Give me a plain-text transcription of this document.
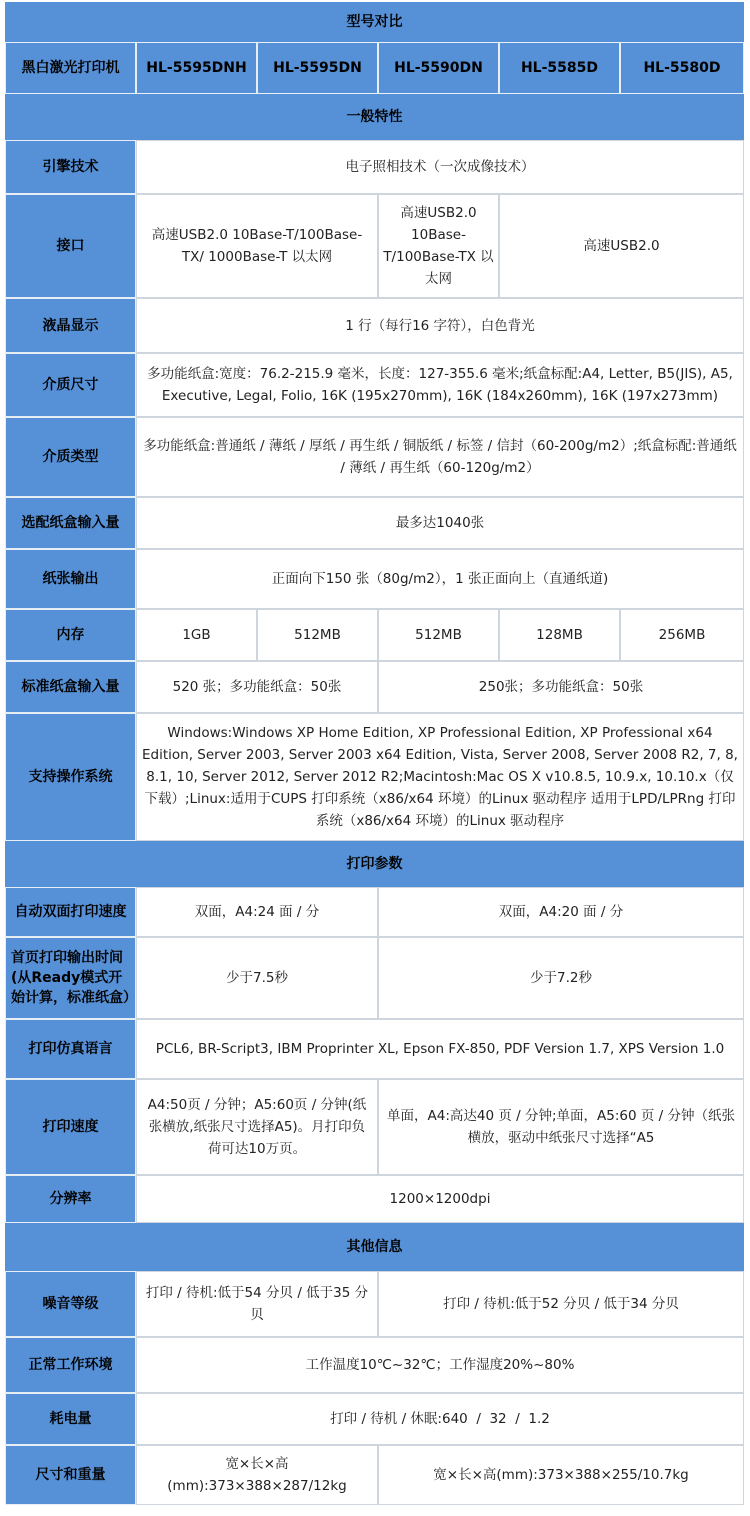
型号对比					
黑白激光打印机	HL-5595DNH	HL-5595DN	HL-5590DN	HL-5585D	HL-5580D
一般特性					
引擎技术	电子照相技术（一次成像技术）				
接口	高速USB2.0 10Base-T/100Base-TX/ 1000Base-T 以太网		高速USB2.0 10Base-T/100Base-TX 以太网	高速USB2.0	
液晶显示	1 行（每行16 字符），白色背光				
介质尺寸	多功能纸盒:宽度：76.2-215.9 毫米，长度：127-355.6 毫米;纸盒标配:A4, Letter, B5(JIS), A5, Executive, Legal, Folio, 16K (195x270mm), 16K (184x260mm), 16K (197x273mm)				
介质类型	多功能纸盒:普通纸 / 薄纸 / 厚纸 / 再生纸 / 铜版纸 / 标签 / 信封（60-200g/m2）;纸盒标配:普通纸 / 薄纸 / 再生纸（60-120g/m2）				
选配纸盒输入量	最多达1040张				
纸张输出	正面向下150 张（80g/m2），1 张正面向上（直通纸道)				
内存	1GB	512MB	512MB	128MB	256MB
标准纸盒输入量	520 张；多功能纸盒：50张		250张；多功能纸盒：50张		
支持操作系统	Windows:Windows XP Home Edition, XP Professional Edition, XP Professional x64 Edition, Server 2003, Server 2003 x64 Edition, Vista, Server 2008, Server 2008 R2, 7, 8, 8.1, 10, Server 2012, Server 2012 R2;Macintosh:Mac OS X v10.8.5, 10.9.x, 10.10.x（仅下载）;Linux:适用于CUPS 打印系统（x86/x64 环境）的Linux 驱动程序 适用于LPD/LPRng 打印系统（x86/x64 环境）的Linux 驱动程序				
打印参数					
自动双面打印速度	双面，A4:24 面 / 分		双面，A4:20 面 / 分		
首页打印输出时间(从Ready模式开始计算，标准纸盒）	少于7.5秒		少于7.2秒		
打印仿真语言	PCL6, BR-Script3, IBM Proprinter XL, Epson FX-850, PDF Version 1.7, XPS Version 1.0				
打印速度	A4:50页 / 分钟；A5:60页 / 分钟(纸张横放,纸张尺寸选择A5)。月打印负荷可达10万页。		单面，A4:高达40 页 / 分钟;单面，A5:60 页 / 分钟（纸张横放，驱动中纸张尺寸选择“A5		
分辨率	1200×1200dpi				
其他信息					
噪音等级	打印 / 待机:低于54 分贝 / 低于35 分贝		打印 / 待机:低于52 分贝 / 低于34 分贝		
正常工作环境	工作温度10℃~32℃；工作湿度20%~80%				
耗电量	打印 / 待机 / 休眠:640  /  32  /  1.2				
尺寸和重量	宽×长×高(mm):373×388×287/12kg		宽×长×高(mm):373×388×255/10.7kg		
